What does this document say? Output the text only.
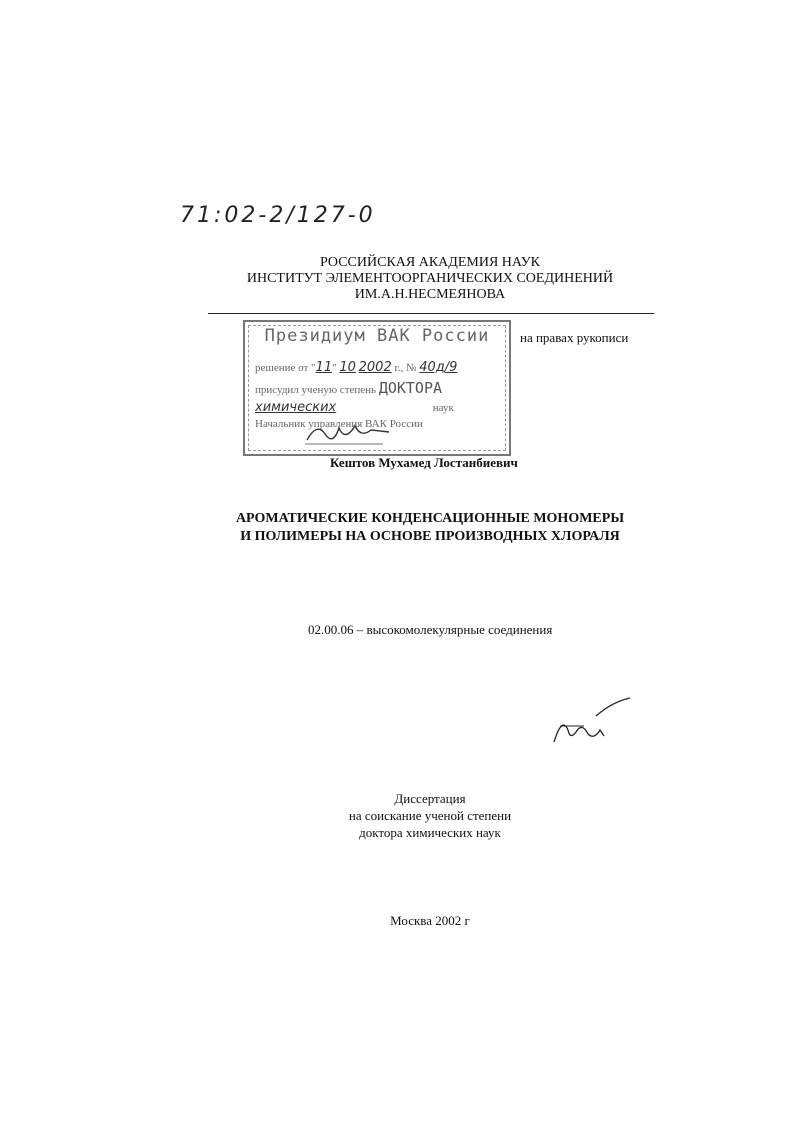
71:02-2/127-0
РОССИЙСКАЯ АКАДЕМИЯ НАУК
ИНСТИТУТ ЭЛЕМЕНТООРГАНИЧЕСКИХ СОЕДИНЕНИЙ
ИМ.А.Н.НЕСМЕЯНОВА
Президиум ВАК России
решение от "11" 10 2002 г., № 40д/9
присудил ученую степень ДОКТОРА
химических	наук
Начальник управления ВАК России
на правах рукописи
Кештов Мухамед Лостанбиевич
АРОМАТИЧЕСКИЕ КОНДЕНСАЦИОННЫЕ МОНОМЕРЫ
И ПОЛИМЕРЫ НА ОСНОВЕ ПРОИЗВОДНЫХ ХЛОРАЛЯ
02.00.06 – высокомолекулярные соединения
Диссертация
на соискание ученой степени
доктора химических наук
Москва 2002 г
